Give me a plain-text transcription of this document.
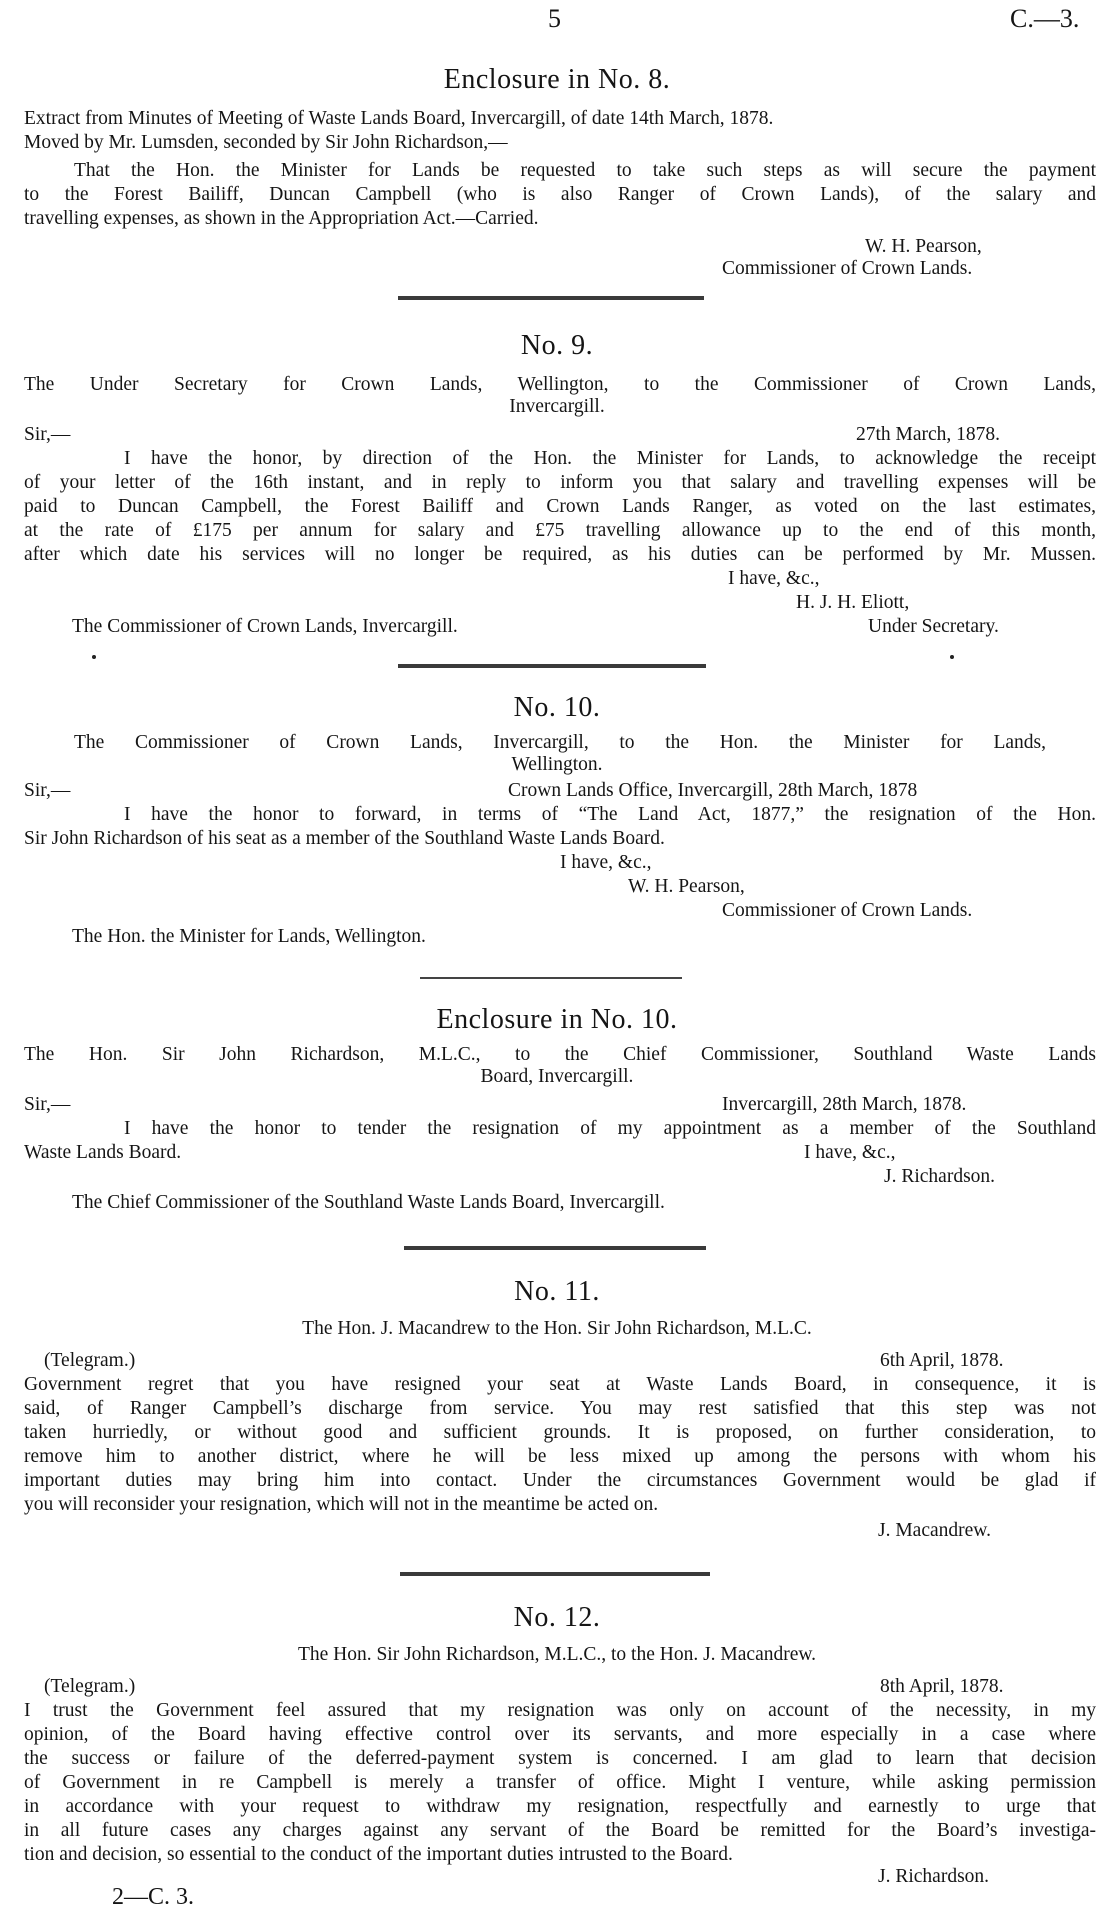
5	C.—3.
Enclosure in No. 8.
Extract from Minutes of Meeting of Waste Lands Board, Invercargill, of date 14th March, 1878.
Moved by Mr. Lumsden, seconded by Sir John Richardson,—
That the Hon. the Minister for Lands be requested to take such steps as will secure the payment
to the Forest Bailiff, Duncan Campbell (who is also Ranger of Crown Lands), of the salary and
travelling expenses, as shown in the Appropriation Act.—Carried.
W. H. Pearson,
Commissioner of Crown Lands.
No. 9.
The Under Secretary for Crown Lands, Wellington, to the Commissioner of Crown Lands,
Invercargill.
Sir,—	27th March, 1878.
I have the honor, by direction of the Hon. the Minister for Lands, to acknowledge the receipt
of your letter of the 16th instant, and in reply to inform you that salary and travelling expenses will be
paid to Duncan Campbell, the Forest Bailiff and Crown Lands Ranger, as voted on the last estimates,
at the rate of £175 per annum for salary and £75 travelling allowance up to the end of this month,
after which date his services will no longer be required, as his duties can be performed by Mr. Mussen.
I have, &c.,
H. J. H. Eliott,
The Commissioner of Crown Lands, Invercargill.	Under Secretary.
No. 10.
The Commissioner of Crown Lands, Invercargill, to the Hon. the Minister for Lands,
Wellington.
Sir,—	Crown Lands Office, Invercargill, 28th March, 1878
I have the honor to forward, in terms of “The Land Act, 1877,” the resignation of the Hon.
Sir John Richardson of his seat as a member of the Southland Waste Lands Board.
I have, &c.,
W. H. Pearson,
Commissioner of Crown Lands.
The Hon. the Minister for Lands, Wellington.
Enclosure in No. 10.
The Hon. Sir John Richardson, M.L.C., to the Chief Commissioner, Southland Waste Lands
Board, Invercargill.
Sir,—	Invercargill, 28th March, 1878.
I have the honor to tender the resignation of my appointment as a member of the Southland
Waste Lands Board.	I have, &c.,
J. Richardson.
The Chief Commissioner of the Southland Waste Lands Board, Invercargill.
No. 11.
The Hon. J. Macandrew to the Hon. Sir John Richardson, M.L.C.
(Telegram.)	6th April, 1878.
Government regret that you have resigned your seat at Waste Lands Board, in consequence, it is
said, of Ranger Campbell’s discharge from service. You may rest satisfied that this step was not
taken hurriedly, or without good and sufficient grounds. It is proposed, on further consideration, to
remove him to another district, where he will be less mixed up among the persons with whom his
important duties may bring him into contact. Under the circumstances Government would be glad if
you will reconsider your resignation, which will not in the meantime be acted on.
J. Macandrew.
No. 12.
The Hon. Sir John Richardson, M.L.C., to the Hon. J. Macandrew.
(Telegram.)	8th April, 1878.
I trust the Government feel assured that my resignation was only on account of the necessity, in my
opinion, of the Board having effective control over its servants, and more especially in a case where
the success or failure of the deferred-payment system is concerned. I am glad to learn that decision
of Government in re Campbell is merely a transfer of office. Might I venture, while asking permission
in accordance with your request to withdraw my resignation, respectfully and earnestly to urge that
in all future cases any charges against any servant of the Board be remitted for the Board’s investiga-
tion and decision, so essential to the conduct of the important duties intrusted to the Board.
J. Richardson.
2—C. 3.
